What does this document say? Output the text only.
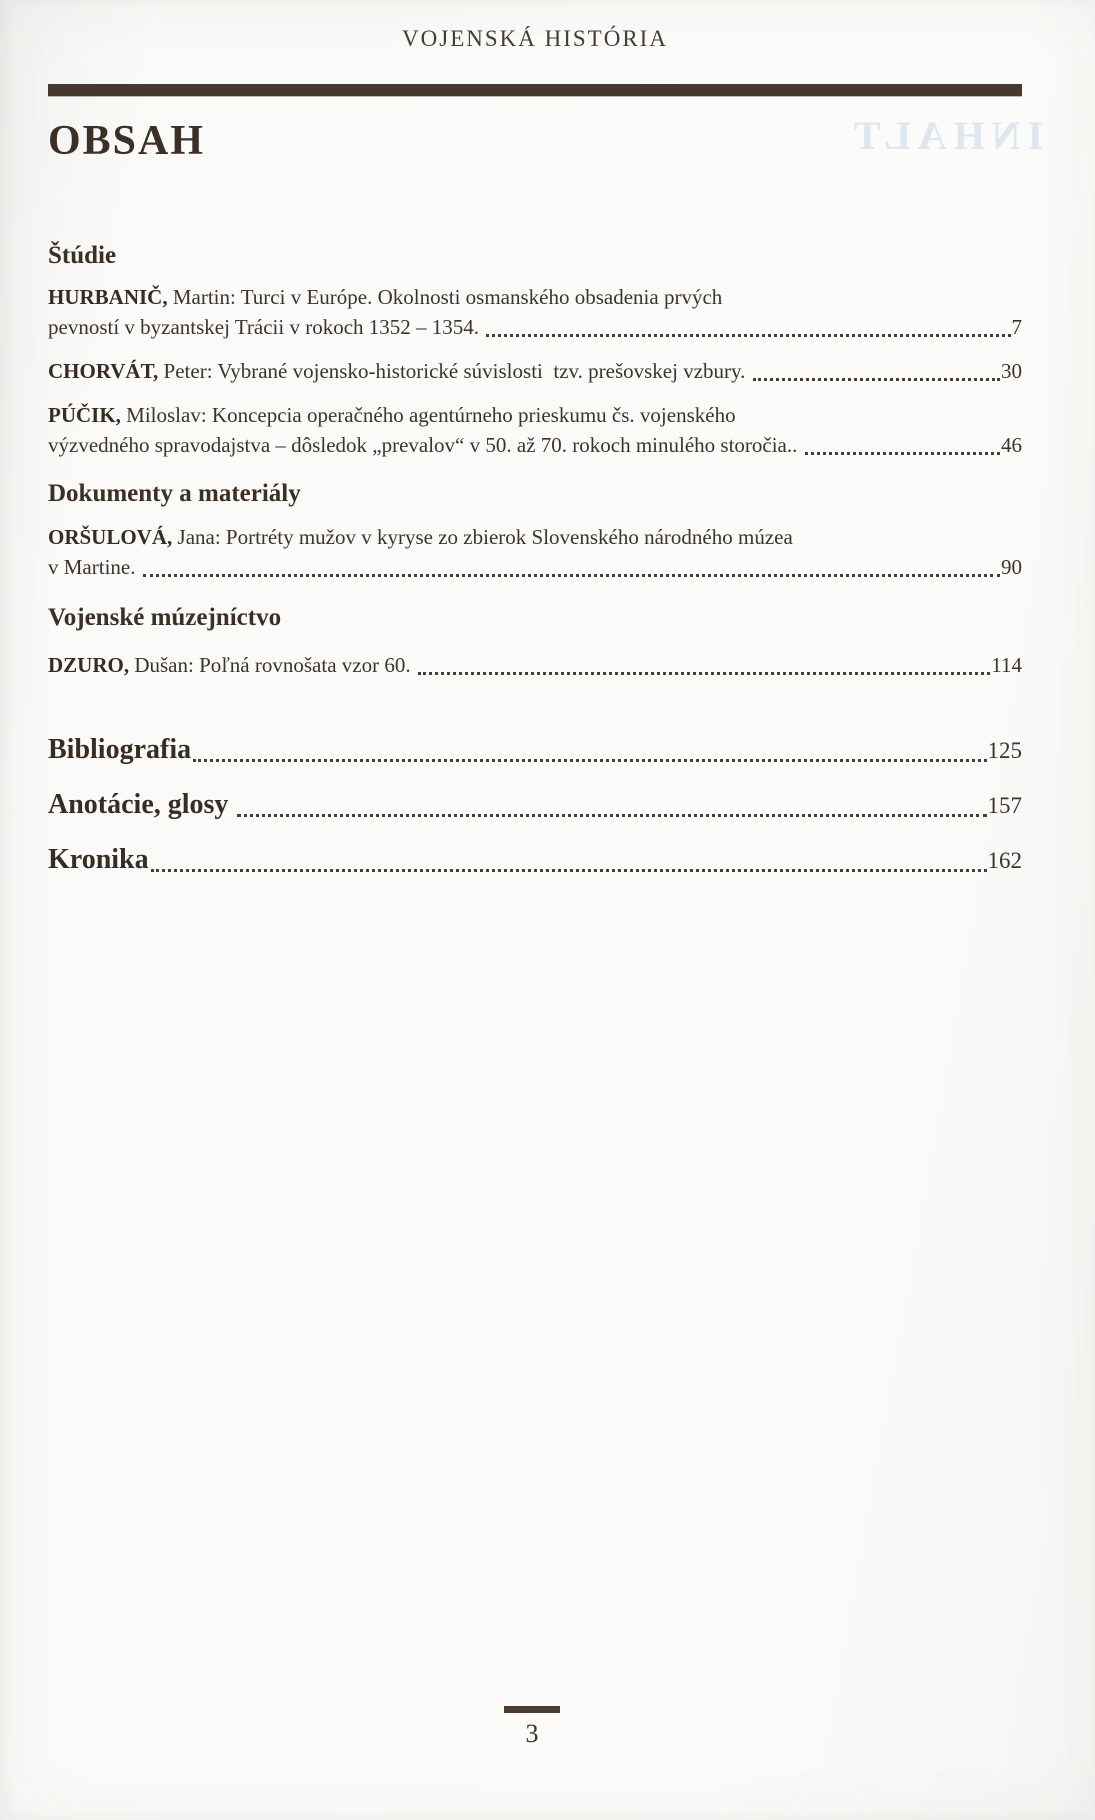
INHALT
VOJENSKÁ HISTÓRIA
OBSAH
Štúdie
HURBANIČ, Martin: Turci v Európe. Okolnosti osmanského obsadenia prvých
pevností v byzantskej Trácii v rokoch 1352 – 1354.	7
CHORVÁT, Peter: Vybrané vojensko-historické súvislosti  tzv. prešovskej vzbury.	30
PÚČIK, Miloslav: Koncepcia operačného agentúrneho prieskumu čs. vojenského
výzvedného spravodajstva – dôsledok „prevalov“ v 50. až 70. rokoch minulého storočia..	46
Dokumenty a materiály
ORŠULOVÁ, Jana: Portréty mužov v kyryse zo zbierok Slovenského národného múzea
v Martine.	90
Vojenské múzejníctvo
DZURO, Dušan: Poľná rovnošata vzor 60.	114
Bibliografia	125
Anotácie, glosy	157
Kronika	162
3
